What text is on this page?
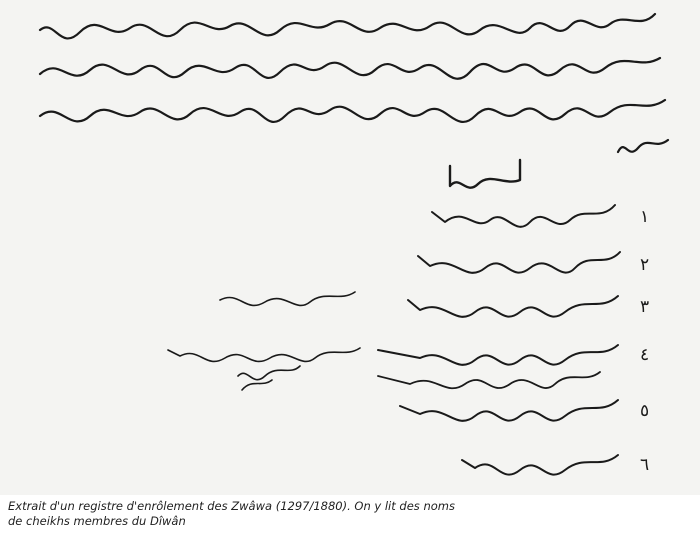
١
٢
٣
٤
٥
٦
Extrait d'un registre d'enrôlement des Zwâwa (1297/1880). On y lit des noms
de cheikhs membres du Dîwân
